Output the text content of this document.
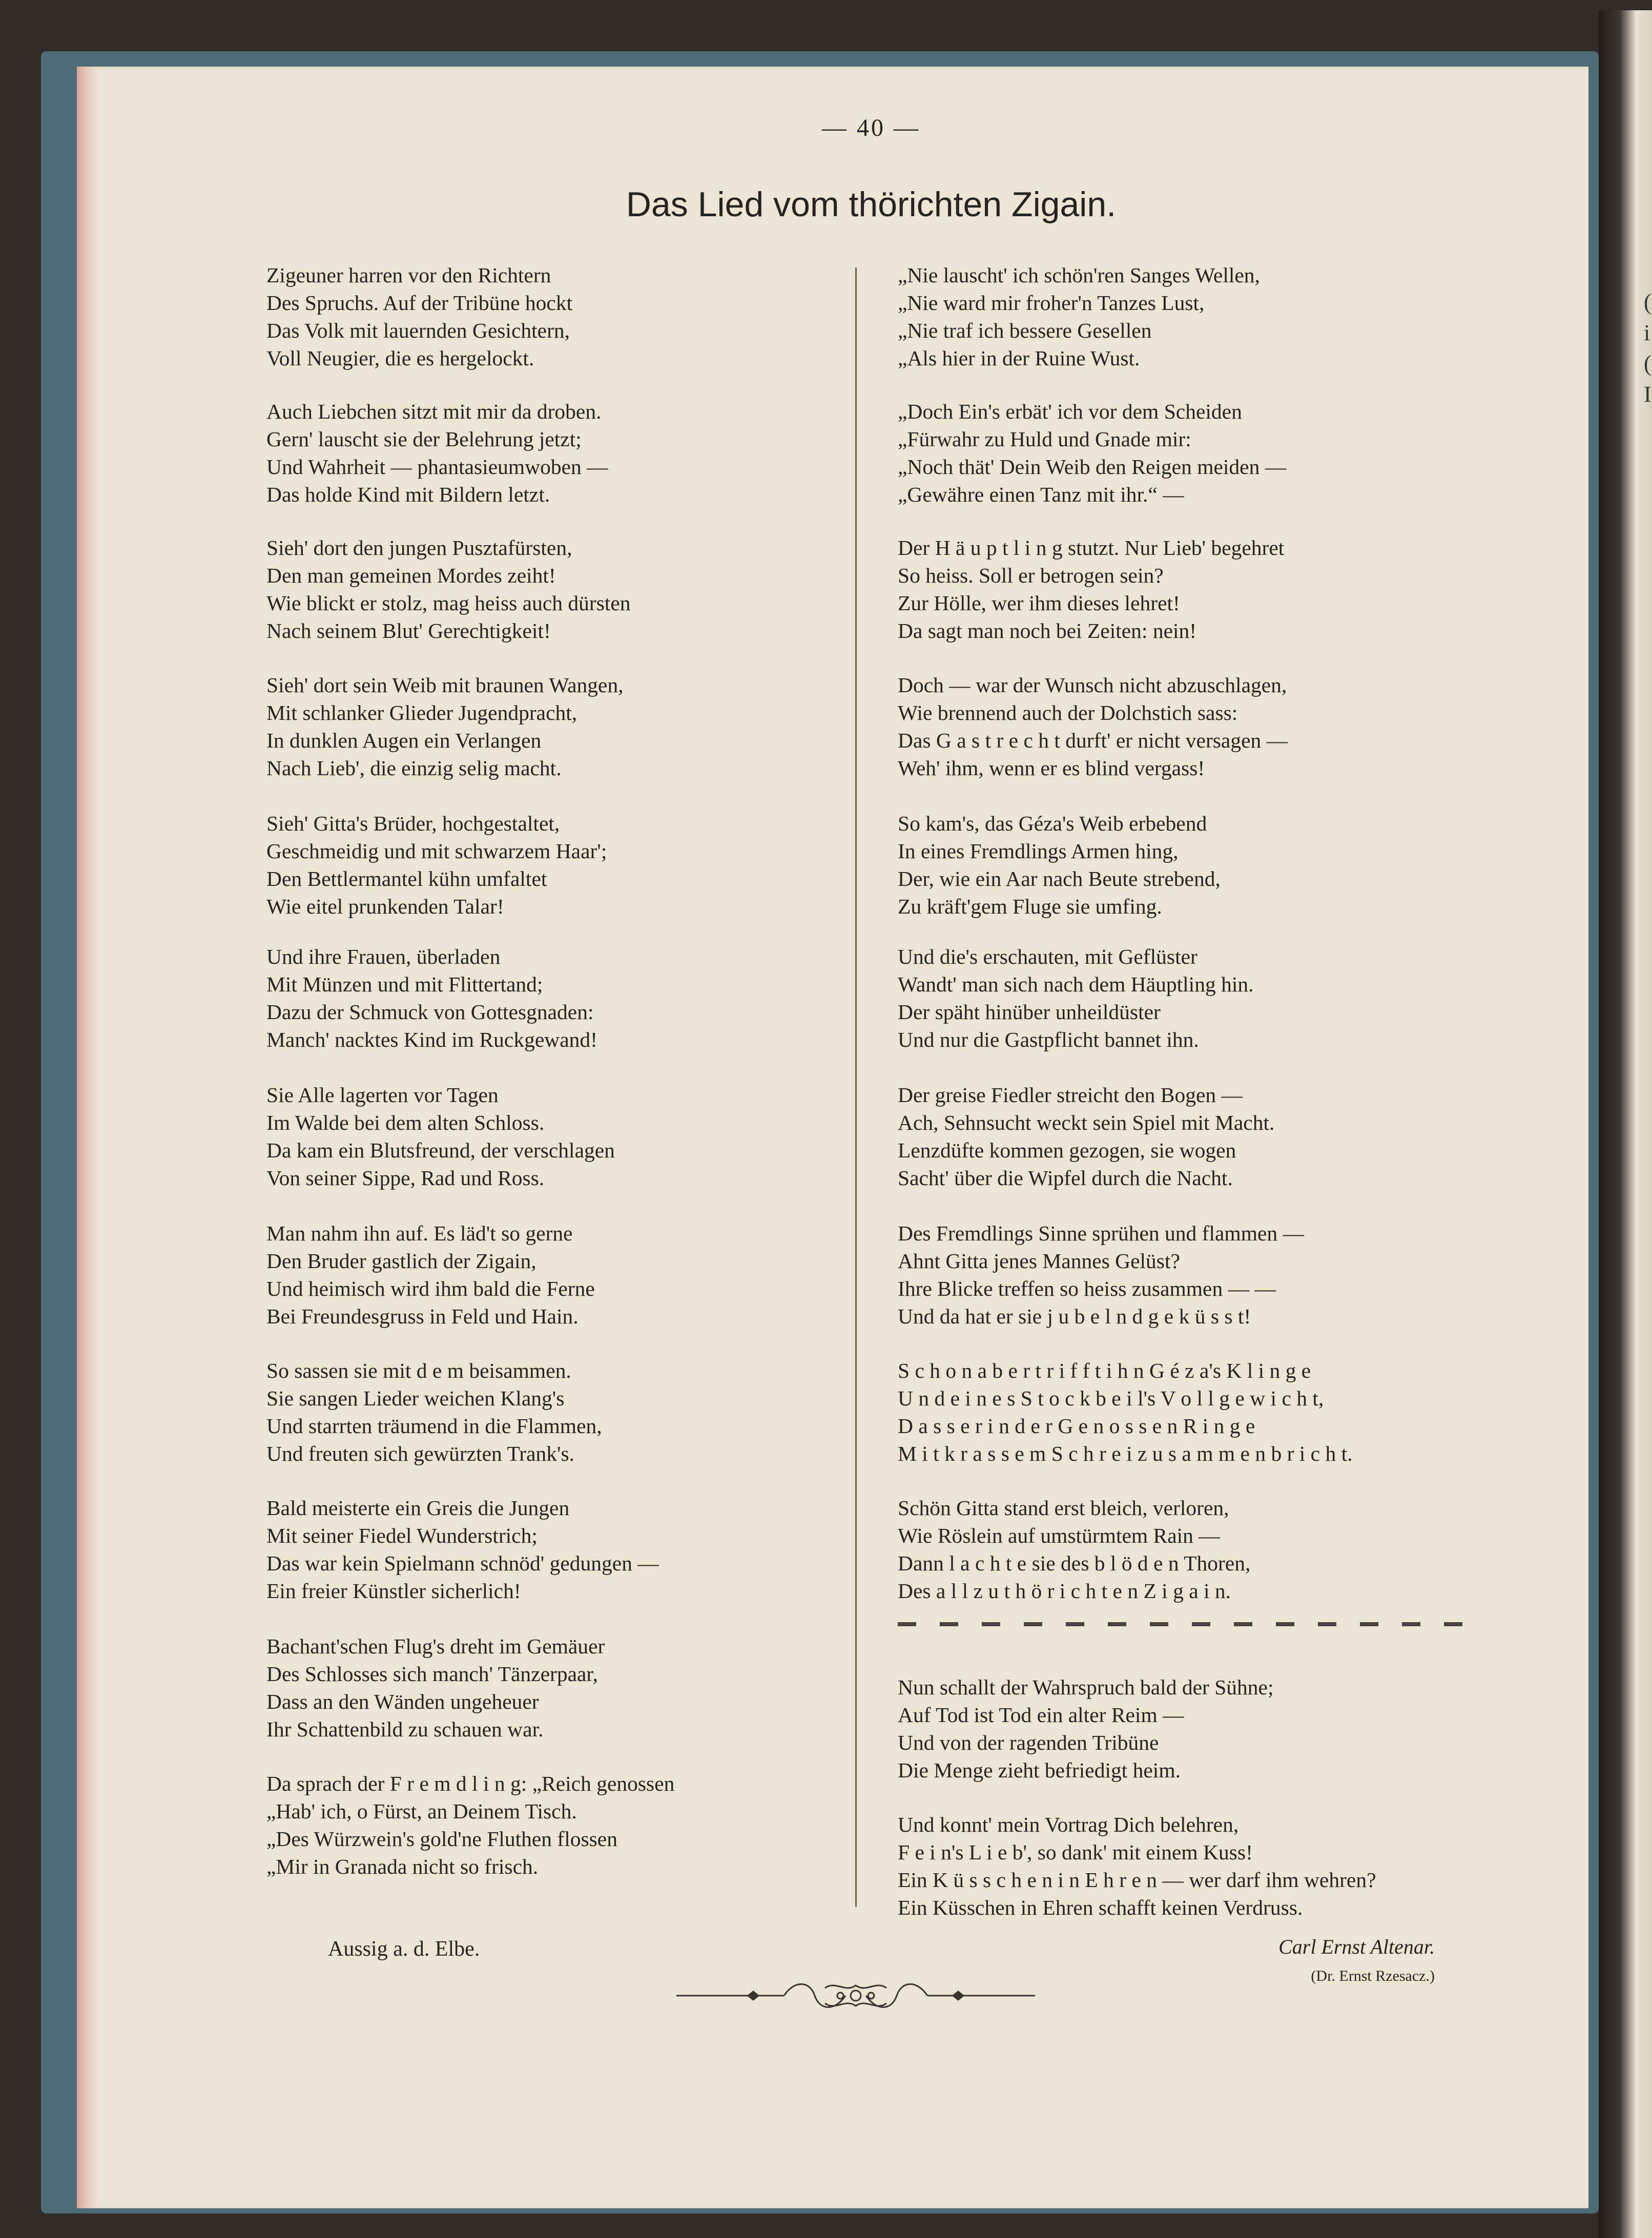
(
i
(
I
— 40 —
Das Lied vom thörichten Zigain.
Zigeuner harren vor den Richtern
Des Spruchs. Auf der Tribüne hockt
Das Volk mit lauernden Gesichtern,
Voll Neugier, die es hergelockt.
Auch Liebchen sitzt mit mir da droben.
Gern' lauscht sie der Belehrung jetzt;
Und Wahrheit — phantasieumwoben —
Das holde Kind mit Bildern letzt.
Sieh' dort den jungen Pusztafürsten,
Den man gemeinen Mordes zeiht!
Wie blickt er stolz, mag heiss auch dürsten
Nach seinem Blut' Gerechtigkeit!
Sieh' dort sein Weib mit braunen Wangen,
Mit schlanker Glieder Jugendpracht,
In dunklen Augen ein Verlangen
Nach Lieb', die einzig selig macht.
Sieh' Gitta's Brüder, hochgestaltet,
Geschmeidig und mit schwarzem Haar';
Den Bettlermantel kühn umfaltet
Wie eitel prunkenden Talar!
Und ihre Frauen, überladen
Mit Münzen und mit Flittertand;
Dazu der Schmuck von Gottesgnaden:
Manch' nacktes Kind im Ruckgewand!
Sie Alle lagerten vor Tagen
Im Walde bei dem alten Schloss.
Da kam ein Blutsfreund, der verschlagen
Von seiner Sippe, Rad und Ross.
Man nahm ihn auf. Es läd't so gerne
Den Bruder gastlich der Zigain,
Und heimisch wird ihm bald die Ferne
Bei Freundesgruss in Feld und Hain.
So sassen sie mit d e m beisammen.
Sie sangen Lieder weichen Klang's
Und starrten träumend in die Flammen,
Und freuten sich gewürzten Trank's.
Bald meisterte ein Greis die Jungen
Mit seiner Fiedel Wunderstrich;
Das war kein Spielmann schnöd' gedungen —
Ein freier Künstler sicherlich!
Bachant'schen Flug's dreht im Gemäuer
Des Schlosses sich manch' Tänzerpaar,
Dass an den Wänden ungeheuer
Ihr Schattenbild zu schauen war.
Da sprach der F r e m d l i n g: „Reich genossen
„Hab' ich, o Fürst, an Deinem Tisch.
„Des Würzwein's gold'ne Fluthen flossen
„Mir in Granada nicht so frisch.
„Nie lauscht' ich schön'ren Sanges Wellen,
„Nie ward mir froher'n Tanzes Lust,
„Nie traf ich bessere Gesellen
„Als hier in der Ruine Wust.
„Doch Ein's erbät' ich vor dem Scheiden
„Fürwahr zu Huld und Gnade mir:
„Noch thät' Dein Weib den Reigen meiden —
„Gewähre einen Tanz mit ihr.“ —
Der H ä u p t l i n g stutzt. Nur Lieb' begehret
So heiss. Soll er betrogen sein?
Zur Hölle, wer ihm dieses lehret!
Da sagt man noch bei Zeiten: nein!
Doch — war der Wunsch nicht abzuschlagen,
Wie brennend auch der Dolchstich sass:
Das G a s t r e c h t durft' er nicht versagen —
Weh' ihm, wenn er es blind vergass!
So kam's, das Géza's Weib erbebend
In eines Fremdlings Armen hing,
Der, wie ein Aar nach Beute strebend,
Zu kräft'gem Fluge sie umfing.
Und die's erschauten, mit Geflüster
Wandt' man sich nach dem Häuptling hin.
Der späht hinüber unheildüster
Und nur die Gastpflicht bannet ihn.
Der greise Fiedler streicht den Bogen —
Ach, Sehnsucht weckt sein Spiel mit Macht.
Lenzdüfte kommen gezogen, sie wogen
Sacht' über die Wipfel durch die Nacht.
Des Fremdlings Sinne sprühen und flammen —
Ahnt Gitta jenes Mannes Gelüst?
Ihre Blicke treffen so heiss zusammen — —
Und da hat er sie j u b e l n d g e k ü s s t!
S c h o n a b e r t r i f f t i h n G é z a's K l i n g e
U n d e i n e s S t o c k b e i l's V o l l g e w i c h t,
D a s s e r i n d e r G e n o s s e n R i n g e
M i t k r a s s e m S c h r e i z u s a m m e n b r i c h t.
Schön Gitta stand erst bleich, verloren,
Wie Röslein auf umstürmtem Rain —
Dann l a c h t e sie des b l ö d e n Thoren,
Des a l l z u t h ö r i c h t e n Z i g a i n.
Nun schallt der Wahrspruch bald der Sühne;
Auf Tod ist Tod ein alter Reim —
Und von der ragenden Tribüne
Die Menge zieht befriedigt heim.
Und konnt' mein Vortrag Dich belehren,
F e i n's L i e b', so dank' mit einem Kuss!
Ein K ü s s c h e n i n E h r e n — wer darf ihm wehren?
Ein Küsschen in Ehren schafft keinen Verdruss.
Aussig a. d. Elbe.	Carl Ernst Altenar.
(Dr. Ernst Rzesacz.)
